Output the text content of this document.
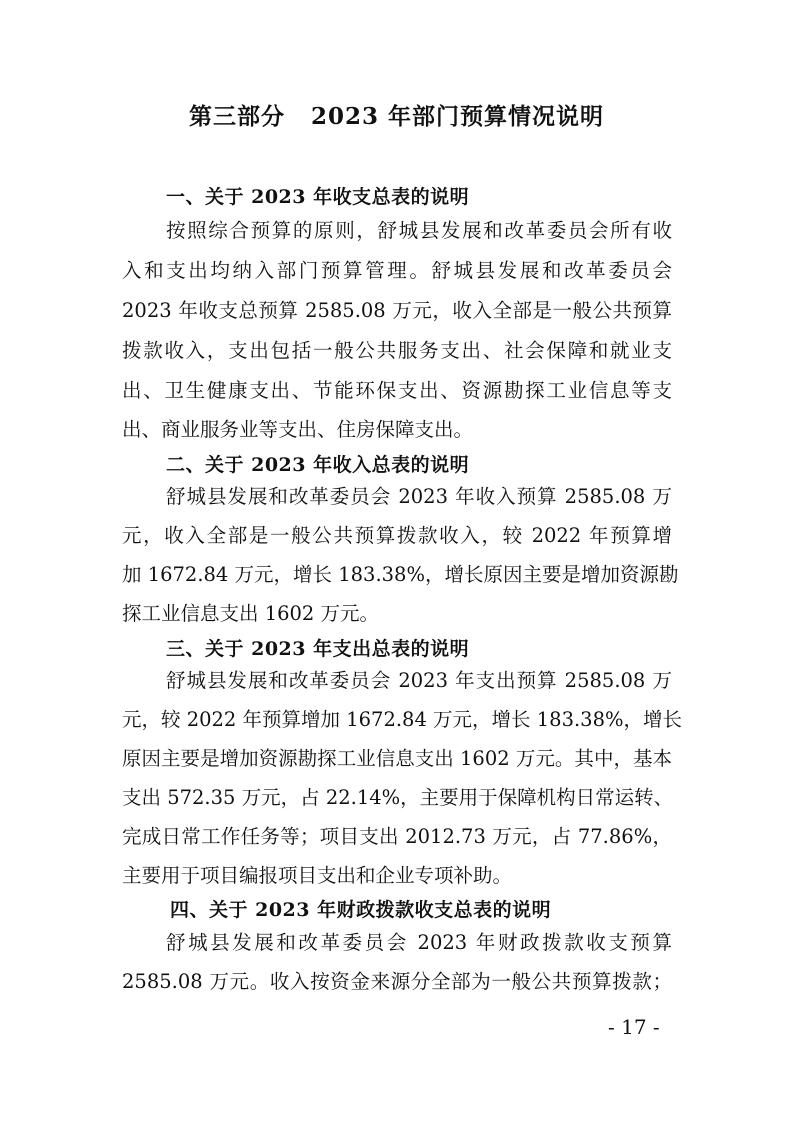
第三部分 2023 年部门预算情况说明
一、关于 2023 年收支总表的说明
按照综合预算的原则，舒城县发展和改革委员会所有收
入和支出均纳入部门预算管理。舒城县发展和改革委员会
2023 年收支总预算 2585.08 万元，收入全部是一般公共预算
拨款收入，支出包括一般公共服务支出、社会保障和就业支
出、卫生健康支出、节能环保支出、资源勘探工业信息等支
出、商业服务业等支出、住房保障支出。
二、关于 2023 年收入总表的说明
舒城县发展和改革委员会 2023 年收入预算 2585.08 万
元，收入全部是一般公共预算拨款收入，较 2022 年预算增
加 1672.84 万元，增长 183.38%，增长原因主要是增加资源勘
探工业信息支出 1602 万元。
三、关于 2023 年支出总表的说明
舒城县发展和改革委员会 2023 年支出预算 2585.08 万
元，较 2022 年预算增加 1672.84 万元，增长 183.38%，增长
原因主要是增加资源勘探工业信息支出 1602 万元。其中，基本
支出 572.35 万元，占 22.14%，主要用于保障机构日常运转、
完成日常工作任务等；项目支出 2012.73 万元，占 77.86%，
主要用于项目编报项目支出和企业专项补助。
四、关于 2023 年财政拨款收支总表的说明
舒城县发展和改革委员会 2023 年财政拨款收支预算
2585.08 万元。收入按资金来源分全部为一般公共预算拨款；
- 17 -
